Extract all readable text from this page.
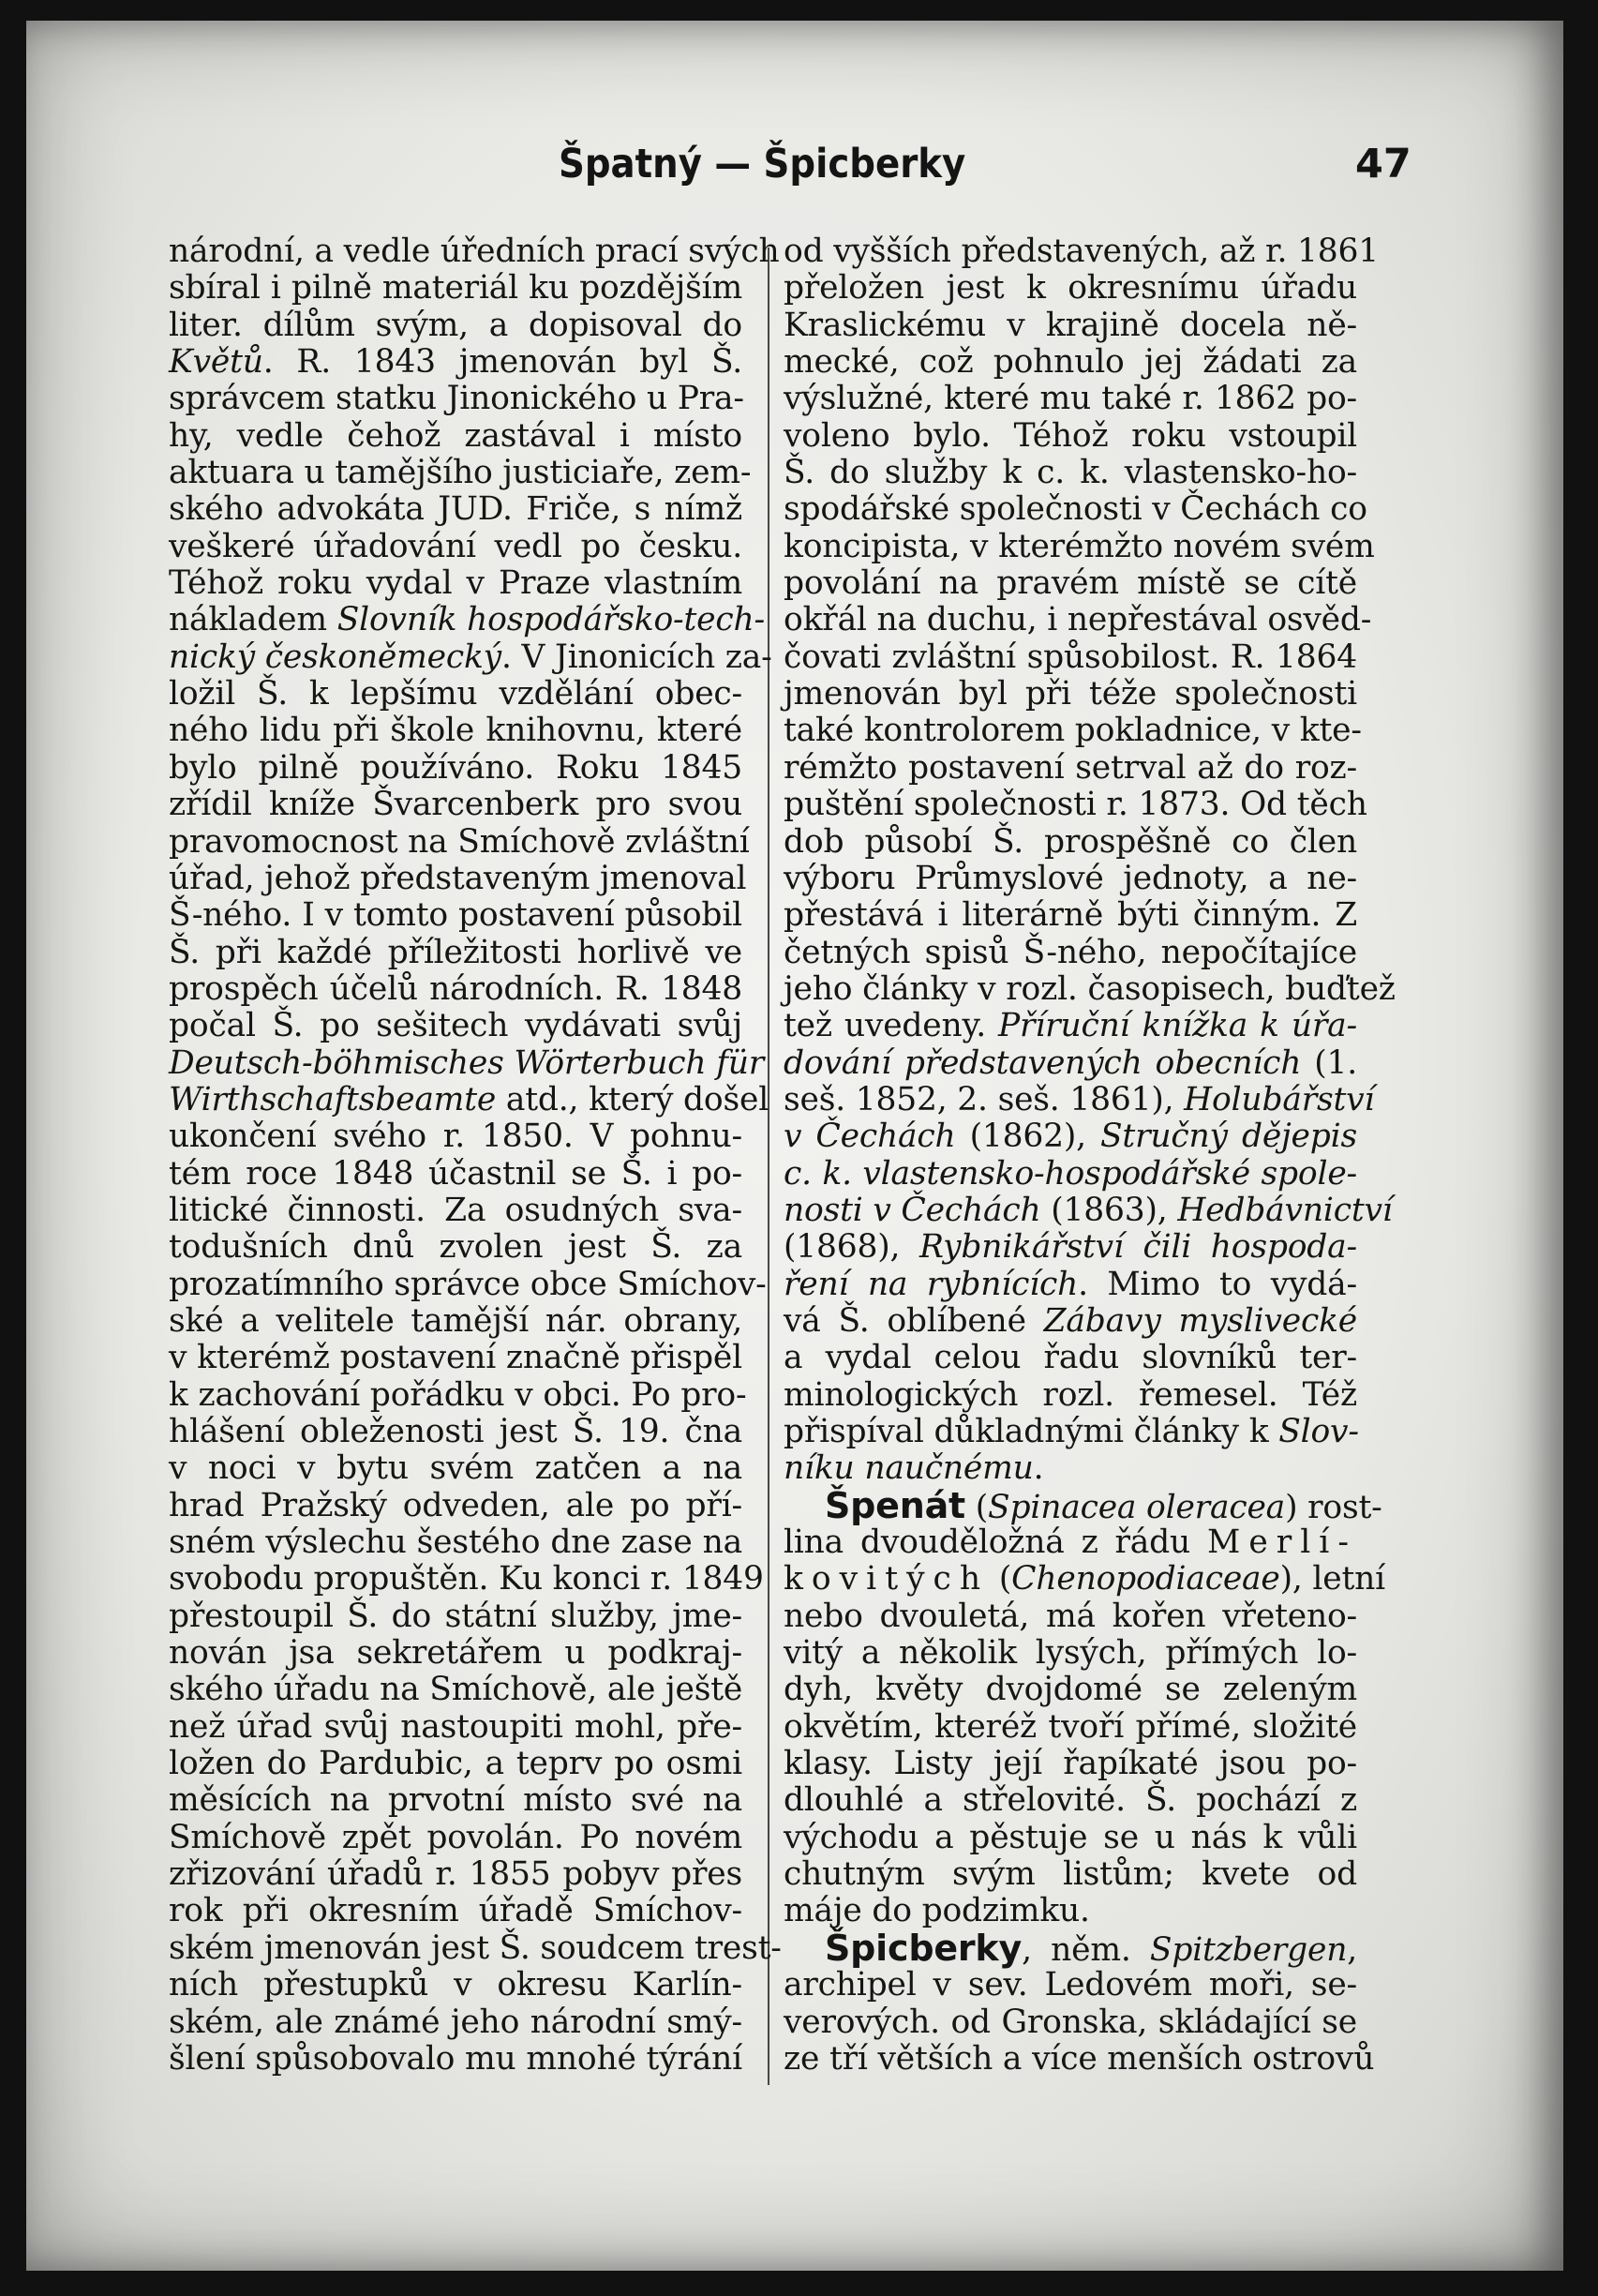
Špatný — Špicberky	47
národní, a vedle úředních prací svých
sbíral i pilně materiál ku pozdějším
liter. dílům svým, a dopisoval do
Květů. R. 1843 jmenován byl Š.
správcem statku Jinonického u Pra-
hy, vedle čehož zastával i místo
aktuara u tamějšího justiciaře, zem-
ského advokáta JUD. Friče, s nímž
veškeré úřadování vedl po česku.
Téhož roku vydal v Praze vlastním
nákladem Slovník hospodářsko-tech-
nický českoněmecký. V Jinonicích za-
ložil Š. k lepšímu vzdělání obec-
ného lidu při škole knihovnu, které
bylo pilně používáno. Roku 1845
zřídil kníže Švarcenberk pro svou
pravomocnost na Smíchově zvláštní
úřad, jehož představeným jmenoval
Š-ného. I v tomto postavení působil
Š. při každé příležitosti horlivě ve
prospěch účelů národních. R. 1848
počal Š. po sešitech vydávati svůj
Deutsch-böhmisches Wörterbuch für
Wirthschaftsbeamte atd., který došel
ukončení svého r. 1850. V pohnu-
tém roce 1848 účastnil se Š. i po-
litické činnosti. Za osudných sva-
todušních dnů zvolen jest Š. za
prozatímního správce obce Smíchov-
ské a velitele tamější nár. obrany,
v kterémž postavení značně přispěl
k zachování pořádku v obci. Po pro-
hlášení obleženosti jest Š. 19. čna
v noci v bytu svém zatčen a na
hrad Pražský odveden, ale po pří-
sném výslechu šestého dne zase na
svobodu propuštěn. Ku konci r. 1849
přestoupil Š. do státní služby, jme-
nován jsa sekretářem u podkraj-
ského úřadu na Smíchově, ale ještě
než úřad svůj nastoupiti mohl, pře-
ložen do Pardubic, a teprv po osmi
měsících na prvotní místo své na
Smíchově zpět povolán. Po novém
zřizování úřadů r. 1855 pobyv přes
rok při okresním úřadě Smíchov-
ském jmenován jest Š. soudcem trest-
ních přestupků v okresu Karlín-
ském, ale známé jeho národní smý-
šlení spůsobovalo mu mnohé týrání
od vyšších představených, až r. 1861
přeložen jest k okresnímu úřadu
Kraslickému v krajině docela ně-
mecké, což pohnulo jej žádati za
výslužné, které mu také r. 1862 po-
voleno bylo. Téhož roku vstoupil
Š. do služby k c. k. vlastensko-ho-
spodářské společnosti v Čechách co
koncipista, v kterémžto novém svém
povolání na pravém místě se cítě
okřál na duchu, i nepřestával osvěd-
čovati zvláštní spůsobilost. R. 1864
jmenován byl při téže společnosti
také kontrolorem pokladnice, v kte-
rémžto postavení setrval až do roz-
puštění společnosti r. 1873. Od těch
dob působí Š. prospěšně co člen
výboru Průmyslové jednoty, a ne-
přestává i literárně býti činným. Z
četných spisů Š-ného, nepočítajíce
jeho články v rozl. časopisech, buďtež
tež uvedeny. Příruční knížka k úřa-
dování představených obecních (1.
seš. 1852, 2. seš. 1861), Holubářství
v Čechách (1862), Stručný dějepis
c. k. vlastensko-hospodářské spole-
nosti v Čechách (1863), Hedbávnictví
(1868), Rybnikářství čili hospoda-
ření na rybnících. Mimo to vydá-
vá Š. oblíbené Zábavy myslivecké
a vydal celou řadu slovníků ter-
minologických rozl. řemesel. Též
přispíval důkladnými články k Slov-
níku naučnému.
Špenát (Spinacea oleracea) rost-
lina dvouděložná z řádu Merlí-
kovitých (Chenopodiaceae), letní
nebo dvouletá, má kořen vřeteno-
vitý a několik lysých, přímých lo-
dyh, květy dvojdomé se zeleným
okvětím, kteréž tvoří přímé, složité
klasy. Listy její řapíkaté jsou po-
dlouhlé a střelovité. Š. pochází z
východu a pěstuje se u nás k vůli
chutným svým listům; kvete od
máje do podzimku.
Špicberky, něm. Spitzbergen,
archipel v sev. Ledovém moři, se-
verových. od Gronska, skládající se
ze tří větších a více menších ostrovů
